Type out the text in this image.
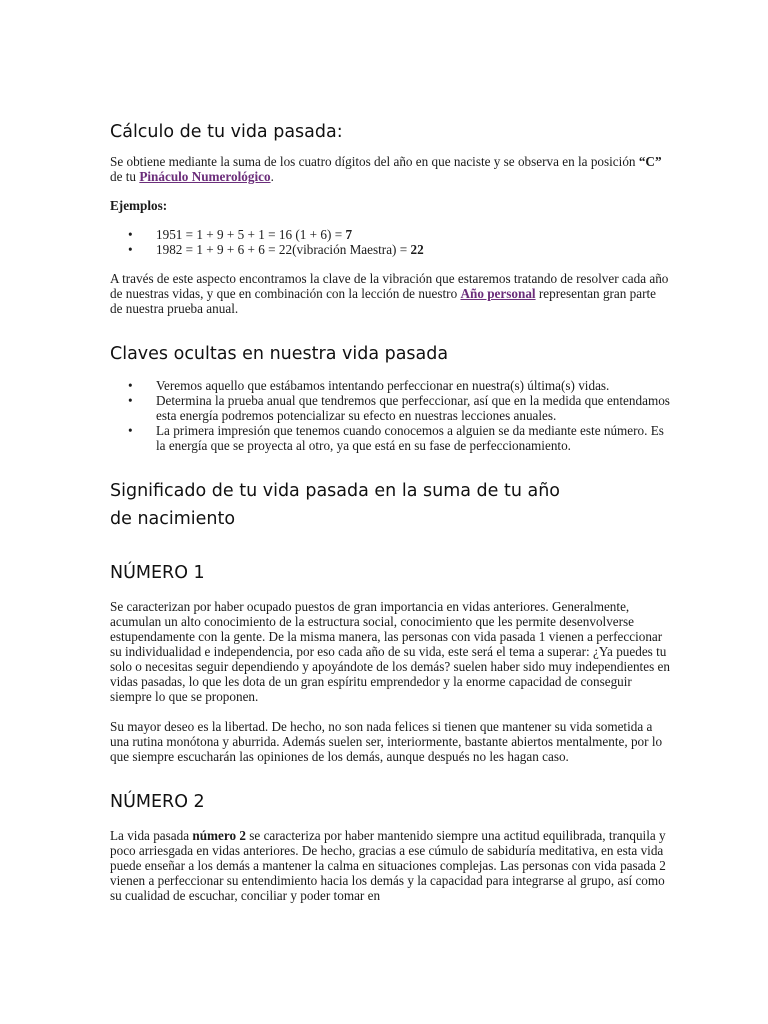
Cálculo de tu vida pasada:

Se obtiene mediante la suma de los cuatro dígitos del año en que naciste y se observa en la posición “C” de tu Pináculo Numerológico.

Ejemplos:

• 1951 = 1 + 9 + 5 + 1 = 16 (1 + 6) = 7
• 1982 = 1 + 9 + 6 + 6 = 22(vibración Maestra) = 22

A través de este aspecto encontramos la clave de la vibración que estaremos tratando de resolver cada año de nuestras vidas, y que en combinación con la lección de nuestro Año personal representan gran parte de nuestra prueba anual.

Claves ocultas en nuestra vida pasada
• Veremos aquello que estábamos intentando perfeccionar en nuestra(s) última(s) vidas.
• Determina la prueba anual que tendremos que perfeccionar, así que en la medida que entendamos esta energía podremos potencializar su efecto en nuestras lecciones anuales.
• La primera impresión que tenemos cuando conocemos a alguien se da mediante este número. Es la energía que se proyecta al otro, ya que está en su fase de perfeccionamiento.
Significado de tu vida pasada en la suma de tu año de nacimiento
NÚMERO 1

Se caracterizan por haber ocupado puestos de gran importancia en vidas anteriores. Generalmente, acumulan un alto conocimiento de la estructura social, conocimiento que les permite desenvolverse estupendamente con la gente. De la misma manera, las personas con vida pasada 1 vienen a perfeccionar su individualidad e independencia, por eso cada año de su vida, este será el tema a superar: ¿Ya puedes tu solo o necesitas seguir dependiendo y apoyándote de los demás? suelen haber sido muy independientes en vidas pasadas, lo que les dota de un gran espíritu emprendedor y la enorme capacidad de conseguir siempre lo que se proponen.

Su mayor deseo es la libertad. De hecho, no son nada felices si tienen que mantener su vida sometida a una rutina monótona y aburrida. Además suelen ser, interiormente, bastante abiertos mentalmente, por lo que siempre escucharán las opiniones de los demás, aunque después no les hagan caso.

NÚMERO 2

La vida pasada número 2 se caracteriza por haber mantenido siempre una actitud equilibrada, tranquila y poco arriesgada en vidas anteriores. De hecho, gracias a ese cúmulo de sabiduría meditativa, en esta vida puede enseñar a los demás a mantener la calma en situaciones complejas. Las personas con vida pasada 2 vienen a perfeccionar su entendimiento hacia los demás y la capacidad para integrarse al grupo, así como su cualidad de escuchar, conciliar y poder tomar en
